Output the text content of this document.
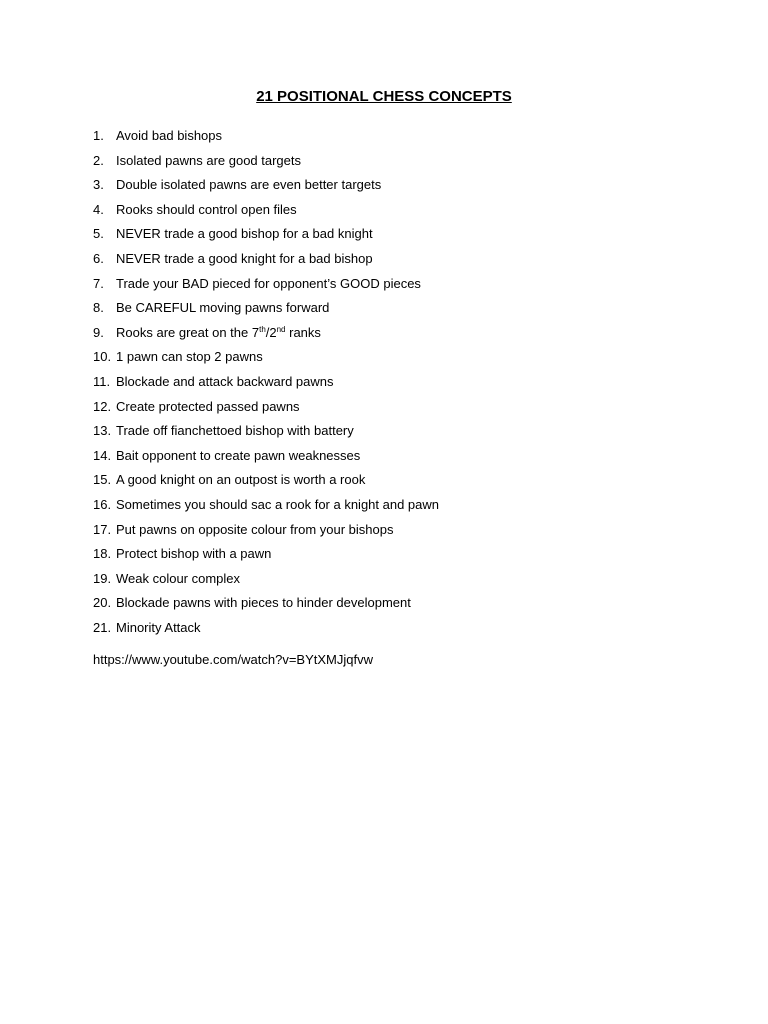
21 POSITIONAL CHESS CONCEPTS
1. Avoid bad bishops
2. Isolated pawns are good targets
3. Double isolated pawns are even better targets
4. Rooks should control open files
5. NEVER trade a good bishop for a bad knight
6. NEVER trade a good knight for a bad bishop
7. Trade your BAD pieced for opponent’s GOOD pieces
8. Be CAREFUL moving pawns forward
9. Rooks are great on the 7th/2nd ranks
10. 1 pawn can stop 2 pawns
11. Blockade and attack backward pawns
12. Create protected passed pawns
13. Trade off fianchettoed bishop with battery
14. Bait opponent to create pawn weaknesses
15. A good knight on an outpost is worth a rook
16. Sometimes you should sac a rook for a knight and pawn
17. Put pawns on opposite colour from your bishops
18. Protect bishop with a pawn
19. Weak colour complex
20. Blockade pawns with pieces to hinder development
21. Minority Attack
https://www.youtube.com/watch?v=BYtXMJjqfvw
